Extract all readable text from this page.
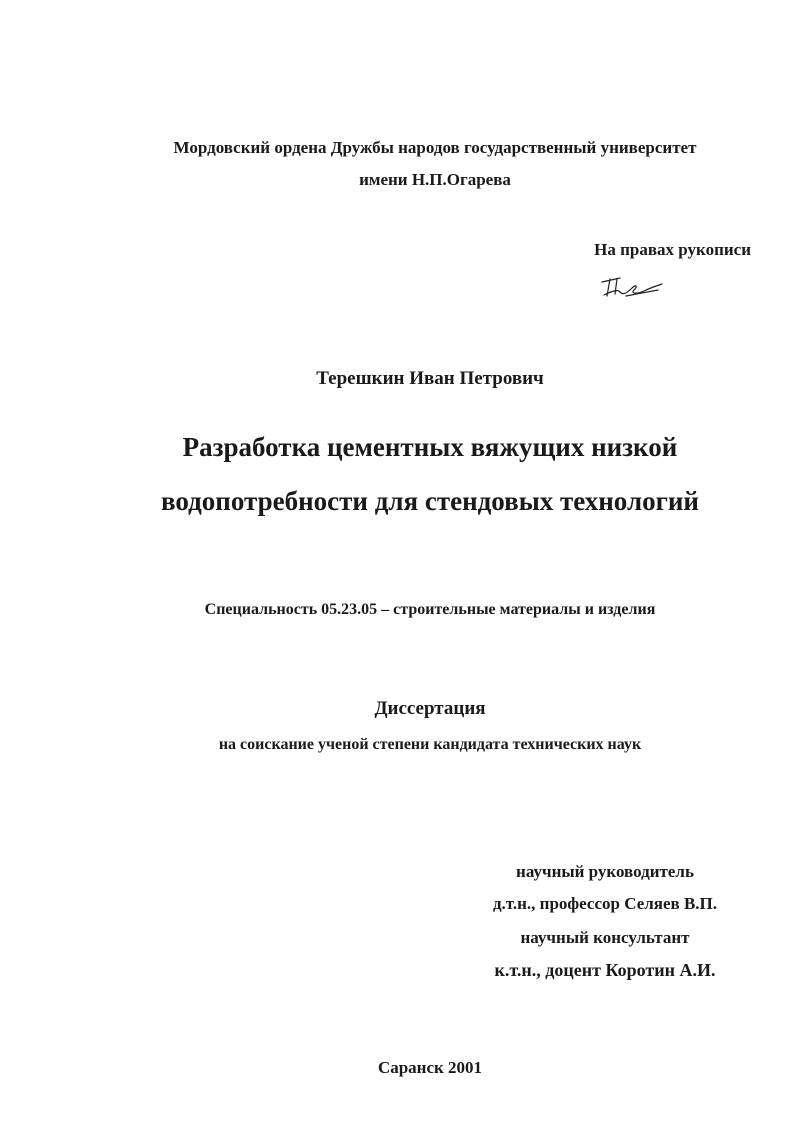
Мордовский ордена Дружбы народов государственный университет
имени Н.П.Огарева
На правах рукописи
Терешкин Иван Петрович
Разработка цементных вяжущих низкой
водопотребности для стендовых технологий
Специальность 05.23.05 – строительные материалы и изделия
Диссертация
на соискание ученой степени кандидата технических наук
научный руководитель
д.т.н., профессор Селяев В.П.
научный консультант
к.т.н., доцент Коротин А.И.
Саранск 2001
